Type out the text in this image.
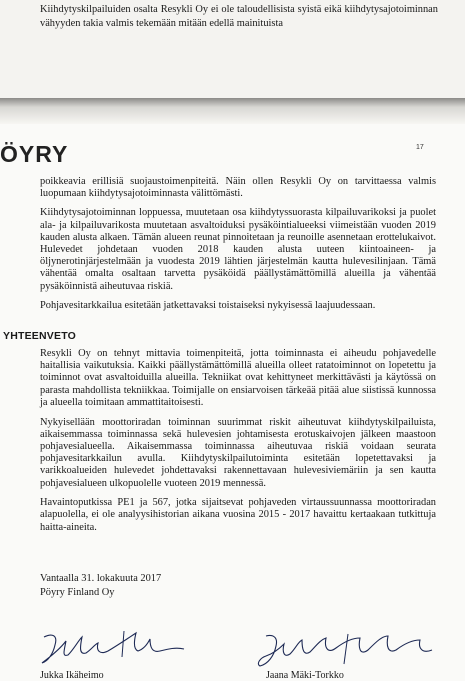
Kiihdytyskilpailuiden osalta Resykli Oy ei ole taloudellisista syistä eikä kiihdytysajotoiminnan vähyyden takia valmis tekemään mitään edellä mainituista

ÖYRY	17

poikkeavia erillisiä suojaustoimenpiteitä. Näin ollen Resykli Oy on tarvittaessa valmis luopumaan kiihdytysajotoiminnasta välittömästi.

Kiihdytysajotoiminnan loppuessa, muutetaan osa kiihdytyssuorasta kilpailuvarikoksi ja puolet ala- ja kilpailuvarikosta muutetaan asvaltoiduksi pysäköintialueeksi viimeistään vuoden 2019 kauden alusta alkaen. Tämän alueen reunat pinnoitetaan ja reunoille asennetaan erottelukaivot. Hulevedet johdetaan vuoden 2018 kauden alusta uuteen kiintoaineen- ja öljynerotinjärjestelmään ja vuodesta 2019 lähtien järjestelmän kautta hulevesilinjaan. Tämä vähentää omalta osaltaan tarvetta pysäköidä päällystämättömillä alueilla ja vähentää pysäköinnistä aiheutuvaa riskiä.

Pohjavesitarkkailua esitetään jatkettavaksi toistaiseksi nykyisessä laajuudessaan.

YHTEENVETO

Resykli Oy on tehnyt mittavia toimenpiteitä, jotta toiminnasta ei aiheudu pohjavedelle haitallisia vaikutuksia. Kaikki päällystämättömillä alueilla olleet ratatoiminnot on lopetettu ja toiminnot ovat asvaltoiduilla alueilla. Tekniikat ovat kehittyneet merkittävästi ja käytössä on parasta mahdollista tekniikkaa. Toimijalle on ensiarvoisen tärkeää pitää alue siistissä kunnossa ja alueella toimitaan ammattitaitoisesti.

Nykyisellään moottoriradan toiminnan suurimmat riskit aiheutuvat kiihdytyskilpailuista, aikaisemmassa toiminnassa sekä hulevesien johtamisesta erotuskaivojen jälkeen maastoon pohjavesialueella. Aikaisemmassa toiminnassa aiheutuvaa riskiä voidaan seurata pohjavesitarkkailun avulla. Kiihdytyskilpailutoiminta esitetään lopetettavaksi ja varikkoalueiden hulevedet johdettavaksi rakennettavaan hulevesiviemäriin ja sen kautta pohjavesialueen ulkopuolelle vuoteen 2019 mennessä.

Havaintoputkissa PE1 ja 567, jotka sijaitsevat pohjaveden virtaussuunnassa moottoriradan alapuolella, ei ole analyysihistorian aikana vuosina 2015 - 2017 havaittu kertaakaan tutkittuja haitta-aineita.

Vantaalla 31. lokakuuta 2017

Pöyry Finland Oy

Jukka Ikäheimo	Jaana Mäki-Torkko
